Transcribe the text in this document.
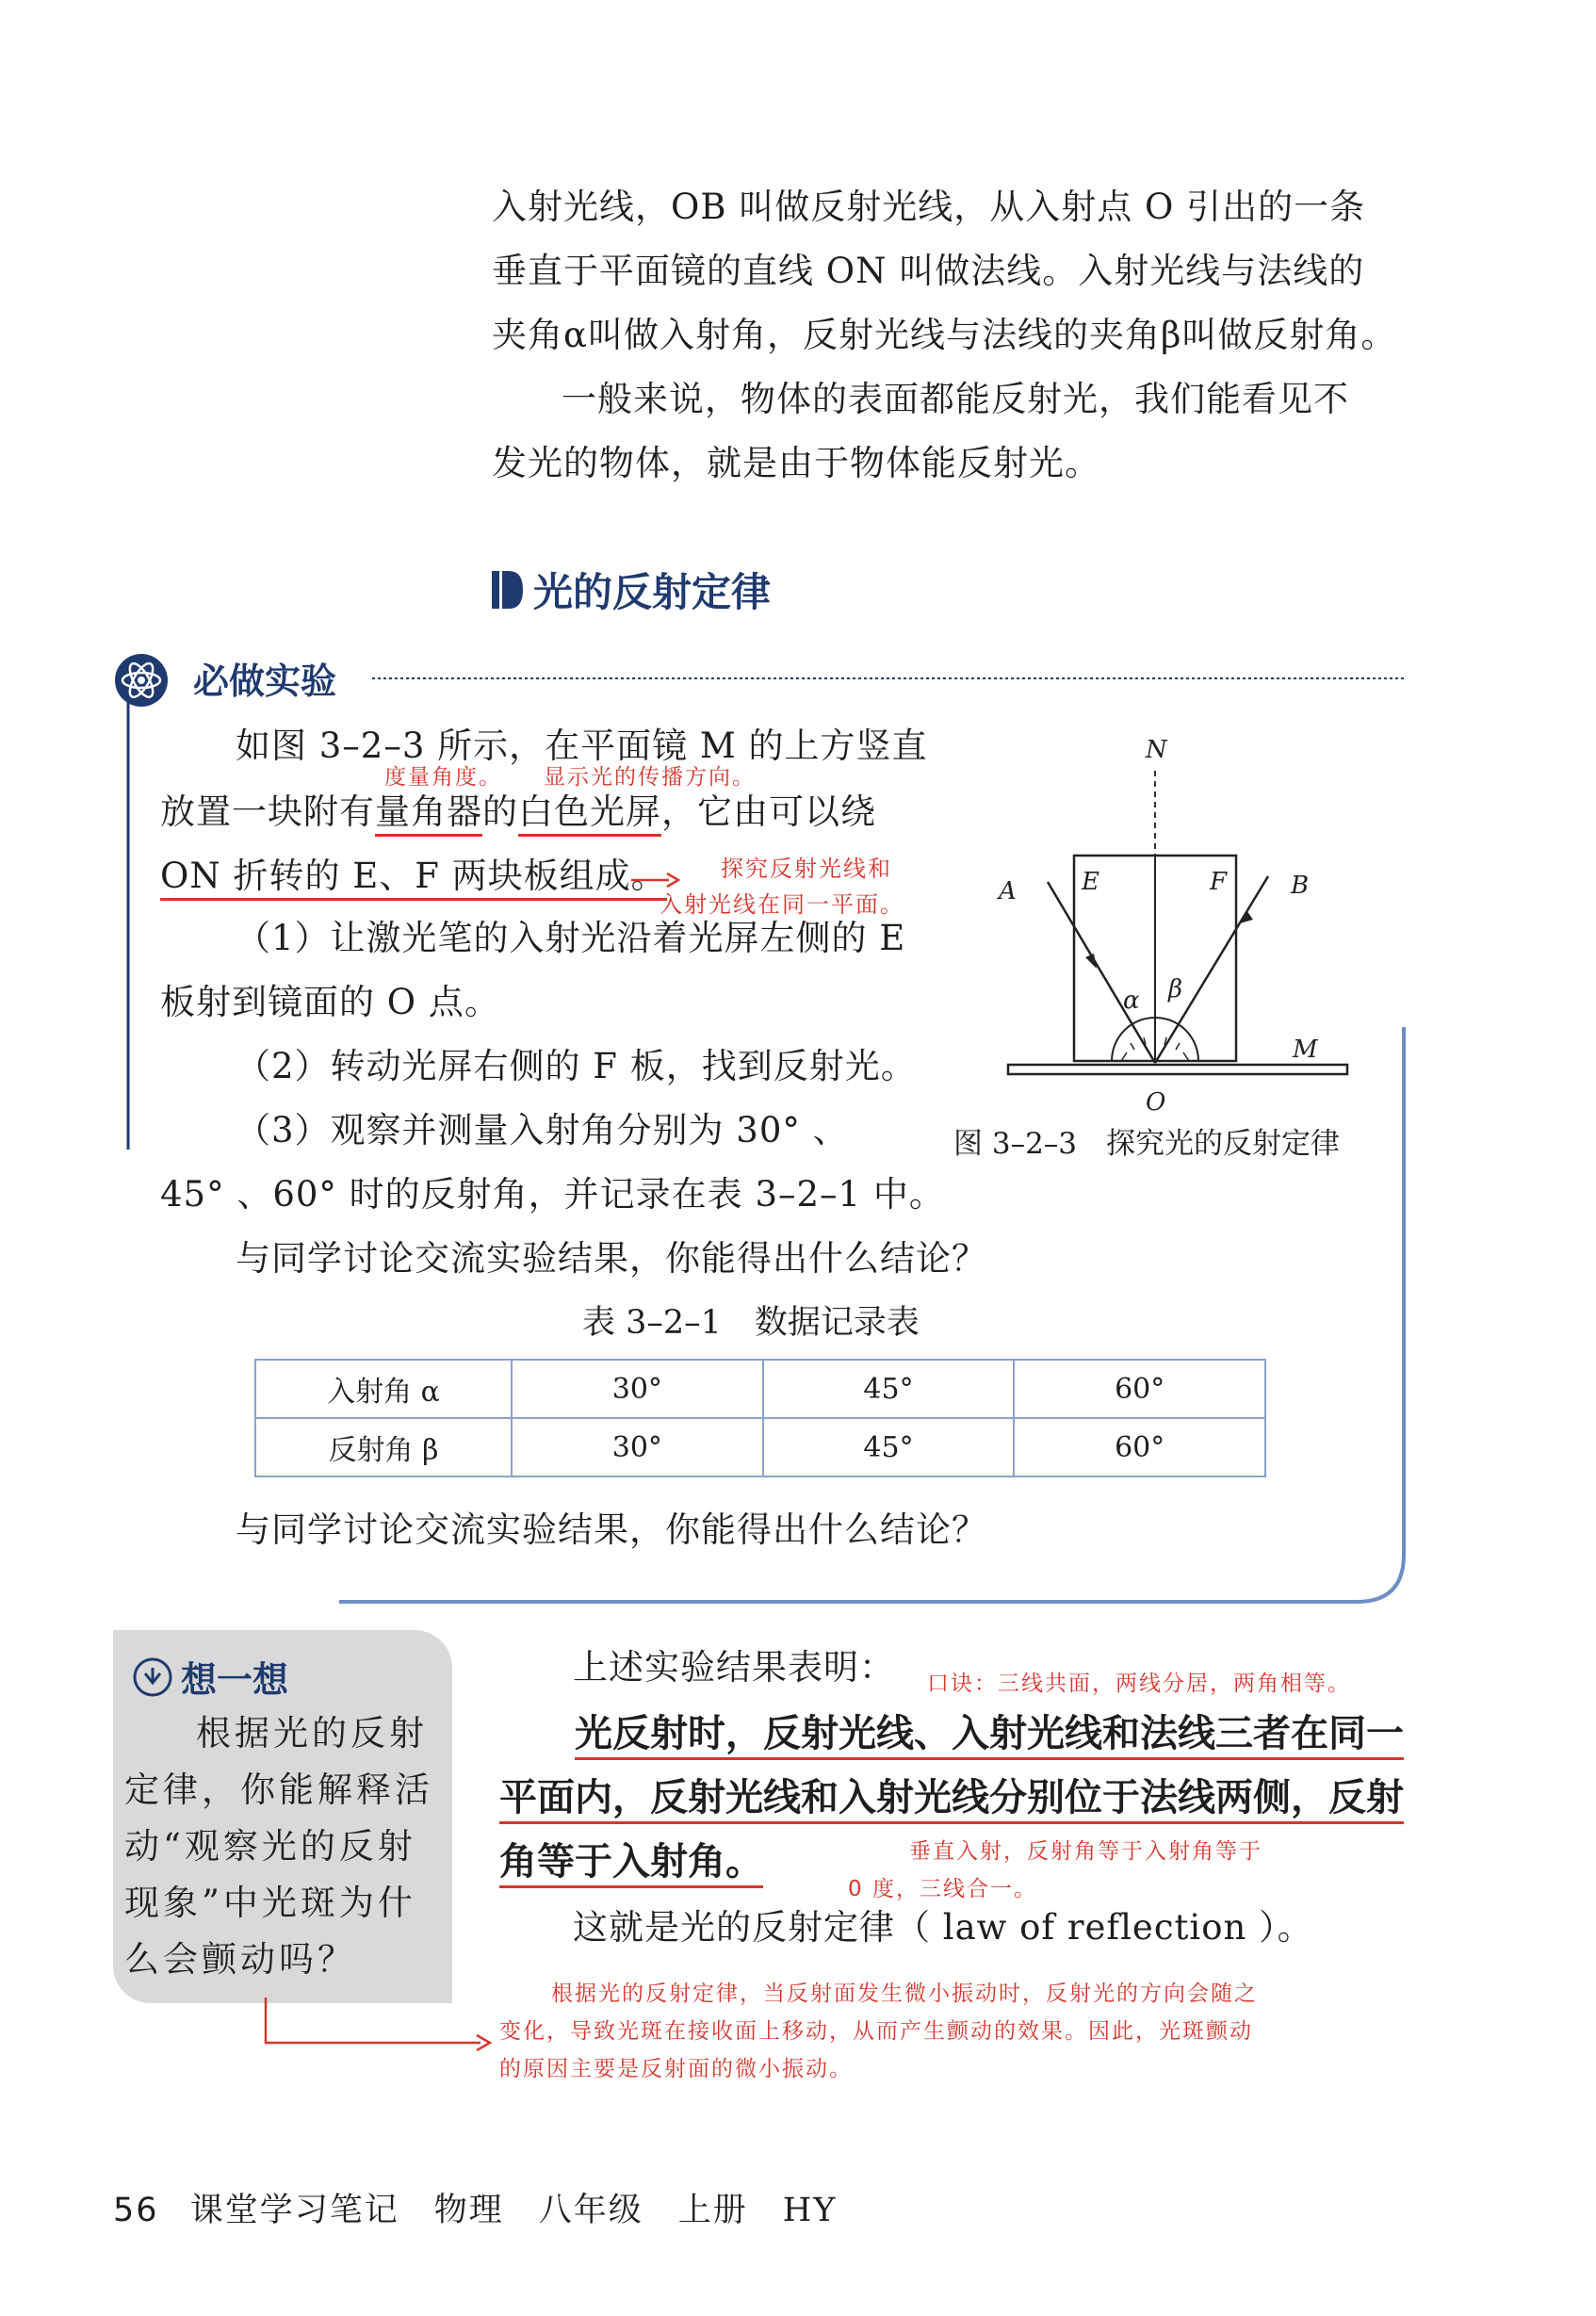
入射光线，OB 叫做反射光线，从入射点 O 引出的一条
垂直于平面镜的直线 ON 叫做法线。入射光线与法线的
夹角α叫做入射角，反射光线与法线的夹角β叫做反射角。
一般来说，物体的表面都能反射光，我们能看见不
发光的物体，就是由于物体能反射光。
光的反射定律
必做实验
如图 3–2–3 所示，在平面镜 M 的上方竖直
放置一块附有量角器的白色光屏，它由可以绕
ON 折转的 E、F 两块板组成。
度量角度。 显示光的传播方向。
探究反射光线和
入射光线在同一平面。
（1）让激光笔的入射光沿着光屏左侧的 E
板射到镜面的 O 点。
（2）转动光屏右侧的 F 板，找到反射光。
（3）观察并测量入射角分别为 30° 、
45° 、60° 时的反射角，并记录在表 3–2–1 中。
与同学讨论交流实验结果，你能得出什么结论？
N
E	F
A	B
α β
M
O
图 3–2–3　探究光的反射定律
表 3–2–1　数据记录表
入射角 α	30°	45°	60°
反射角 β	30°	45°	60°
与同学讨论交流实验结果，你能得出什么结论？
想一想
根据光的反射
定律，你能解释活
动“观察光的反射
现象”中光斑为什
么会颤动吗？
上述实验结果表明： 口诀：三线共面，两线分居，两角相等。
光反射时，反射光线、入射光线和法线三者在同一
平面内，反射光线和入射光线分别位于法线两侧，反射
角等于入射角。	垂直入射，反射角等于入射角等于
0 度，三线合一。
这就是光的反射定律（ law of reflection ）。
根据光的反射定律，当反射面发生微小振动时，反射光的方向会随之
变化，导致光斑在接收面上移动，从而产生颤动的效果。因此，光斑颤动
的原因主要是反射面的微小振动。
56 课堂学习笔记　物理　八年级　上册　HY
